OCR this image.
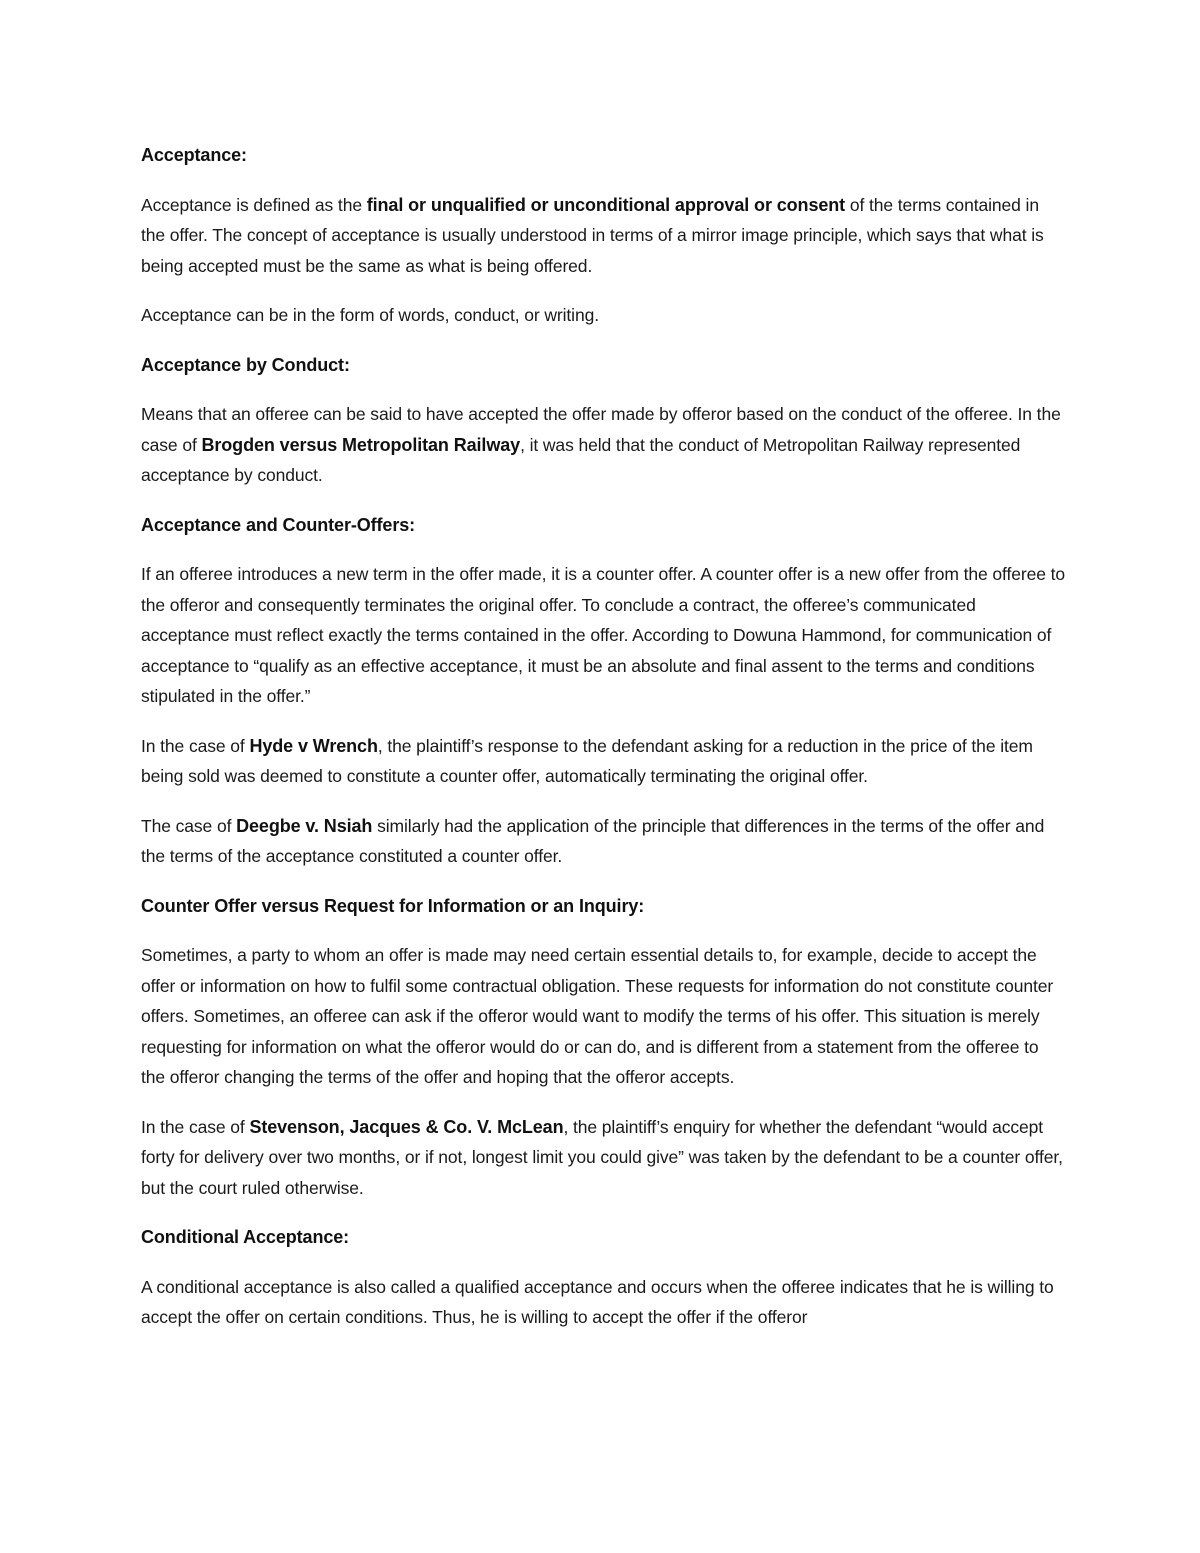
Acceptance:

Acceptance is defined as the final or unqualified or unconditional approval or consent of the terms contained in the offer. The concept of acceptance is usually understood in terms of a mirror image principle, which says that what is being accepted must be the same as what is being offered.

Acceptance can be in the form of words, conduct, or writing.

Acceptance by Conduct:

Means that an offeree can be said to have accepted the offer made by offeror based on the conduct of the offeree. In the case of Brogden versus Metropolitan Railway, it was held that the conduct of Metropolitan Railway represented acceptance by conduct.

Acceptance and Counter-Offers:

If an offeree introduces a new term in the offer made, it is a counter offer. A counter offer is a new offer from the offeree to the offeror and consequently terminates the original offer. To conclude a contract, the offeree’s communicated acceptance must reflect exactly the terms contained in the offer. According to Dowuna Hammond, for communication of acceptance to “qualify as an effective acceptance, it must be an absolute and final assent to the terms and conditions stipulated in the offer.”

In the case of Hyde v Wrench, the plaintiff’s response to the defendant asking for a reduction in the price of the item being sold was deemed to constitute a counter offer, automatically terminating the original offer.

The case of Deegbe v. Nsiah similarly had the application of the principle that differences in the terms of the offer and the terms of the acceptance constituted a counter offer.

Counter Offer versus Request for Information or an Inquiry:

Sometimes, a party to whom an offer is made may need certain essential details to, for example, decide to accept the offer or information on how to fulfil some contractual obligation. These requests for information do not constitute counter offers. Sometimes, an offeree can ask if the offeror would want to modify the terms of his offer. This situation is merely requesting for information on what the offeror would do or can do, and is different from a statement from the offeree to the offeror changing the terms of the offer and hoping that the offeror accepts.

In the case of Stevenson, Jacques & Co. V. McLean, the plaintiff’s enquiry for whether the defendant “would accept forty for delivery over two months, or if not, longest limit you could give” was taken by the defendant to be a counter offer, but the court ruled otherwise.

Conditional Acceptance:

A conditional acceptance is also called a qualified acceptance and occurs when the offeree indicates that he is willing to accept the offer on certain conditions. Thus, he is willing to accept the offer if the offeror
